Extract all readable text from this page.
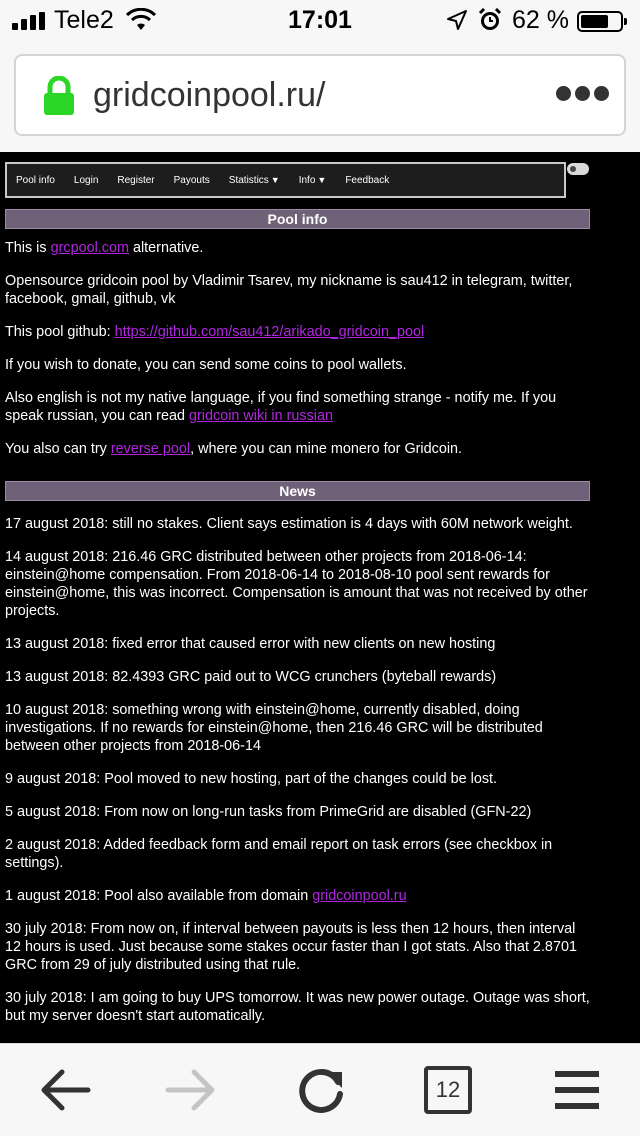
Tele2	17:01	62 %
gridcoinpool.ru/
Pool info Login Register Payouts Statistics ▼ Info ▼ Feedback
Pool info

This is grcpool.com alternative.

Opensource gridcoin pool by Vladimir Tsarev, my nickname is sau412 in telegram, twitter, facebook, gmail, github, vk

This pool github: https://github.com/sau412/arikado_gridcoin_pool

If you wish to donate, you can send some coins to pool wallets.

Also english is not my native language, if you find something strange - notify me. If you speak russian, you can read gridcoin wiki in russian

You also can try reverse pool, where you can mine monero for Gridcoin.

News

17 august 2018: still no stakes. Client says estimation is 4 days with 60M network weight.

14 august 2018: 216.46 GRC distributed between other projects from 2018-06-14: einstein@home compensation. From 2018-06-14 to 2018-08-10 pool sent rewards for einstein@home, this was incorrect. Compensation is amount that was not received by other projects.

13 august 2018: fixed error that caused error with new clients on new hosting

13 august 2018: 82.4393 GRC paid out to WCG crunchers (byteball rewards)

10 august 2018: something wrong with einstein@home, currently disabled, doing investigations. If no rewards for einstein@home, then 216.46 GRC will be distributed between other projects from 2018-06-14

9 august 2018: Pool moved to new hosting, part of the changes could be lost.

5 august 2018: From now on long-run tasks from PrimeGrid are disabled (GFN-22)

2 august 2018: Added feedback form and email report on task errors (see checkbox in settings).

1 august 2018: Pool also available from domain gridcoinpool.ru

30 july 2018: From now on, if interval between payouts is less then 12 hours, then interval 12 hours is used. Just because some stakes occur faster than I got stats. Also that 2.8701 GRC from 29 of july distributed using that rule.

30 july 2018: I am going to buy UPS tomorrow. It was new power outage. Outage was short, but my server doesn't start automatically.

12
